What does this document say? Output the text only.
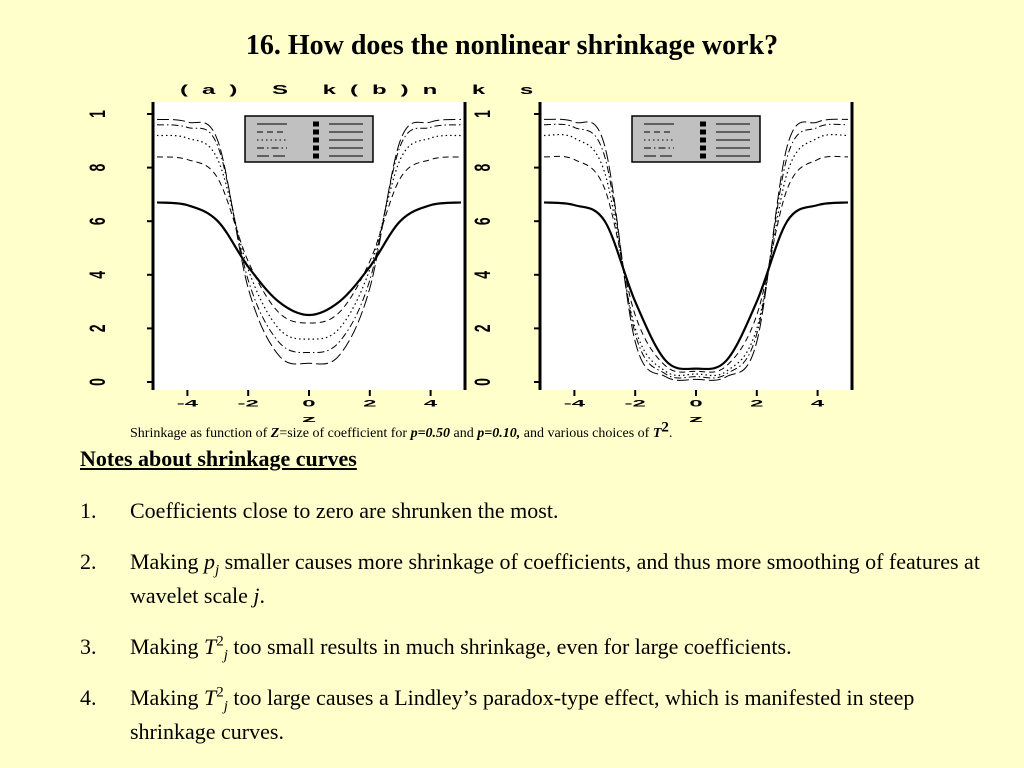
16. How does the nonlinear shrinkage work?
(a) S k(b)n k s
0
2
4
6
8
1
-4 -2	0	2	4
z
0
2
4
6
8
1
-4 -2	0	2	4
z
Shrinkage as function of Z=size of coefficient for p=0.50 and p=0.10, and various choices of $T^2$.
Notes about shrinkage curves
1. Coefficients close to zero are shrunken the most.
2. Making $p_j$ smaller causes more shrinkage of coefficients, and thus more smoothing of features at wavelet scale j.
3. Making $T^2_j$ too small results in much shrinkage, even for large coefficients.
4. Making $T^2_j$ too large causes a Lindley’s paradox-type effect, which is manifested in steep shrinkage curves.
